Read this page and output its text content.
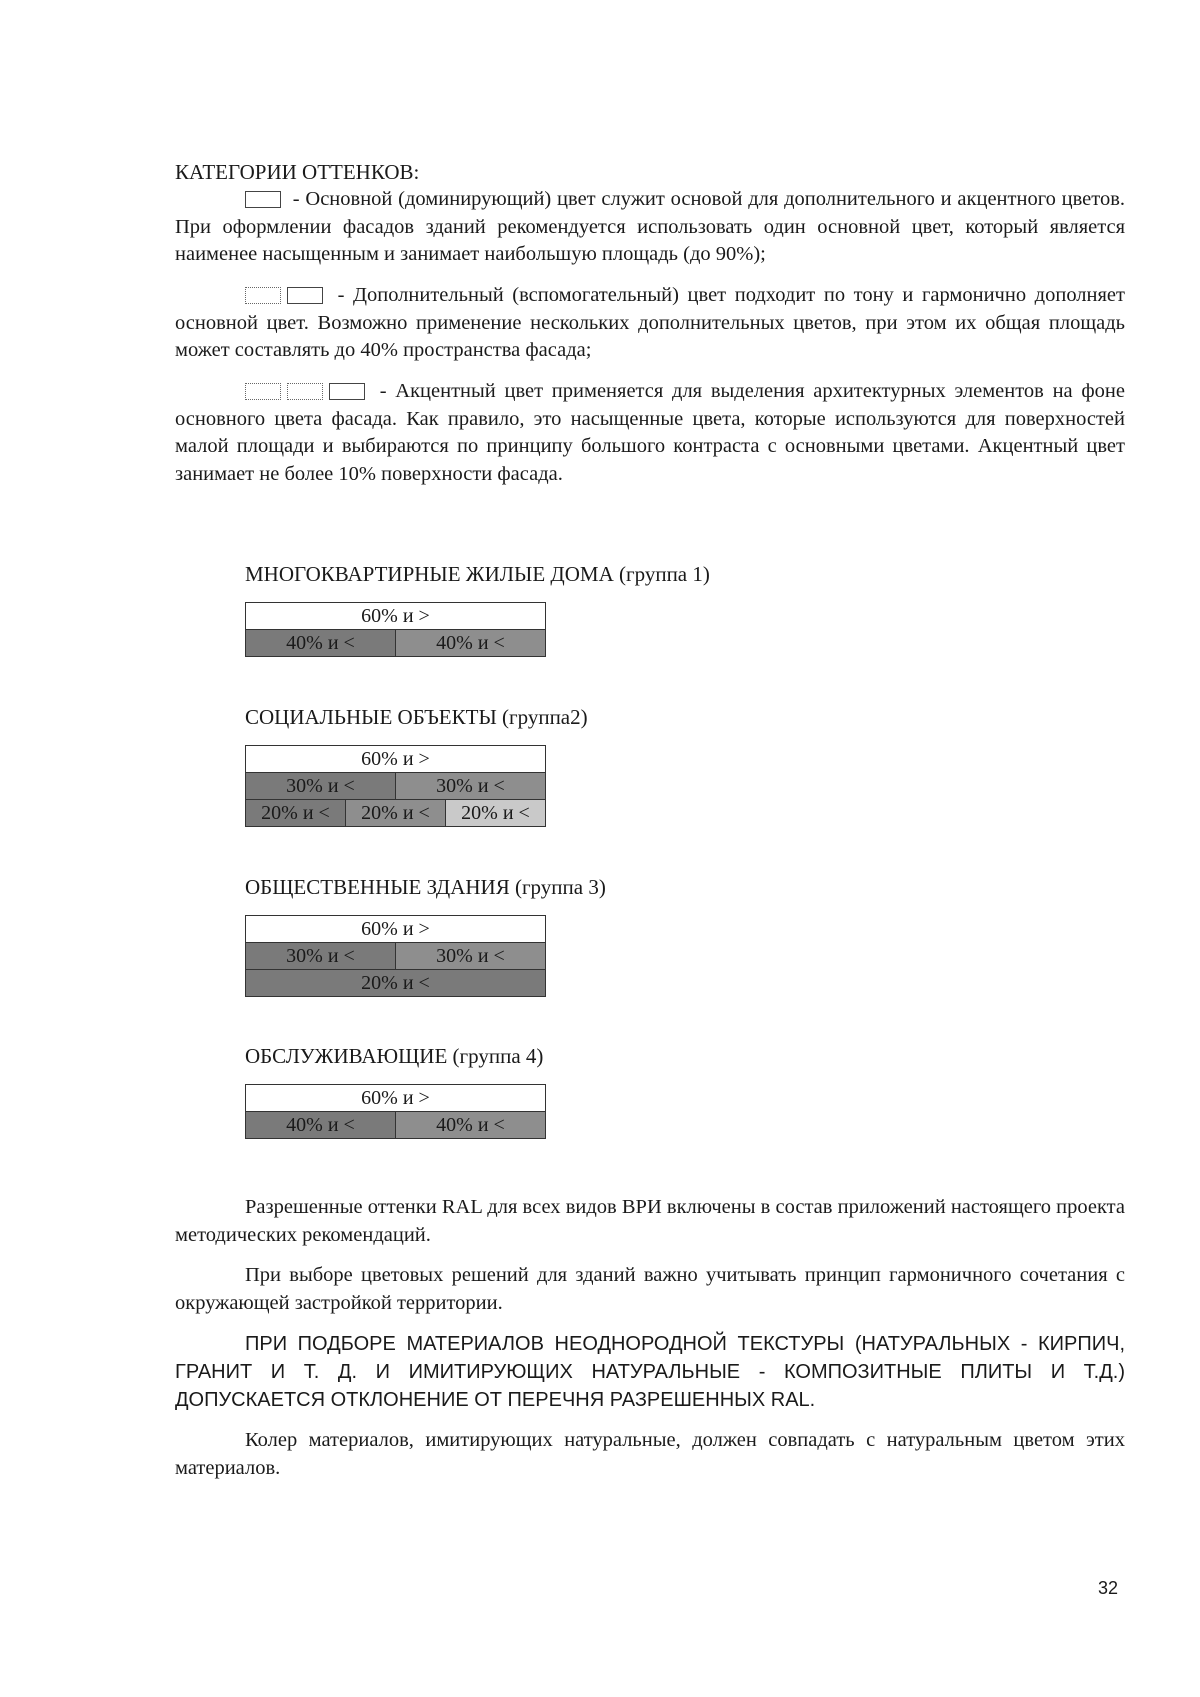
КАТЕГОРИИ ОТТЕНКОВ:

- Основной (доминирующий) цвет служит основой для дополнительного и акцентного цветов. При оформлении фасадов зданий рекомендуется использовать один основной цвет, который является наименее насыщенным и занимает наибольшую площадь (до 90%);

- Дополнительный (вспомогательный) цвет подходит по тону и гармонично дополняет основной цвет. Возможно применение нескольких дополнительных цветов, при этом их общая площадь может составлять до 40% пространства фасада;

- Акцентный цвет применяется для выделения архитектурных элементов на фоне основного цвета фасада. Как правило, это насыщенные цвета, которые используются для поверхностей малой площади и выбираются по принципу большого контраста с основными цветами. Акцентный цвет занимает не более 10% поверхности фасада.

МНОГОКВАРТИРНЫЕ ЖИЛЫЕ ДОМА (группа 1)
60% и >
40% и <	40% и <
СОЦИАЛЬНЫЕ ОБЪЕКТЫ (группа2)
60% и >
30% и <	30% и <
20% и <	20% и <	20% и <
ОБЩЕСТВЕННЫЕ ЗДАНИЯ (группа 3)
60% и >
30% и <	30% и <
20% и <
ОБСЛУЖИВАЮЩИЕ (группа 4)
60% и >
40% и <	40% и <

Разрешенные оттенки RAL для всех видов ВРИ включены в состав приложений настоящего проекта методических рекомендаций.

При выборе цветовых решений для зданий важно учитывать принцип гармоничного сочетания с окружающей застройкой территории.

ПРИ ПОДБОРЕ МАТЕРИАЛОВ НЕОДНОРОДНОЙ ТЕКСТУРЫ (НАТУРАЛЬНЫХ - КИРПИЧ, ГРАНИТ И Т. Д. И ИМИТИРУЮЩИХ НАТУРАЛЬНЫЕ - КОМПОЗИТНЫЕ ПЛИТЫ И Т.Д.) ДОПУСКАЕТСЯ ОТКЛОНЕНИЕ ОТ ПЕРЕЧНЯ РАЗРЕШЕННЫХ RAL.

Колер материалов, имитирующих натуральные, должен совпадать с натуральным цветом этих материалов.

32
